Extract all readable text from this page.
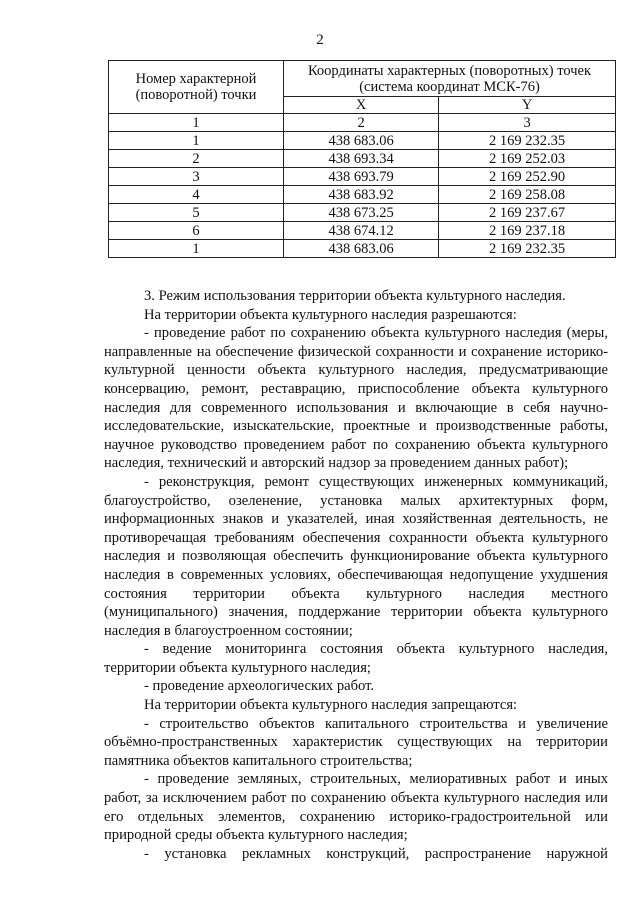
2
Номер характерной (поворотной) точки	Координаты характерных (поворотных) точек (система координат МСК-76)	
	X	Y
1	2	3
1	438 683.06	2 169 232.35
2	438 693.34	2 169 252.03
3	438 693.79	2 169 252.90
4	438 683.92	2 169 258.08
5	438 673.25	2 169 237.67
6	438 674.12	2 169 237.18
1	438 683.06	2 169 232.35

3. Режим использования территории объекта культурного наследия.

На территории объекта культурного наследия разрешаются:

- проведение работ по сохранению объекта культурного наследия (меры, направленные на обеспечение физической сохранности и сохранение историко-культурной ценности объекта культурного наследия, предусматривающие консервацию, ремонт, реставрацию, приспособление объекта культурного наследия для современного использования и включающие в себя научно-исследовательские, изыскательские, проектные и производственные работы, научное руководство проведением работ по сохранению объекта культурного наследия, технический и авторский надзор за проведением данных работ);

- реконструкция, ремонт существующих инженерных коммуникаций, благоустройство, озеленение, установка малых архитектурных форм, информационных знаков и указателей, иная хозяйственная деятельность, не противоречащая требованиям обеспечения сохранности объекта культурного наследия и позволяющая обеспечить функционирование объекта культурного наследия в современных условиях, обеспечивающая недопущение ухудшения состояния территории объекта культурного наследия местного (муниципального) значения, поддержание территории объекта культурного наследия в благоустроенном состоянии;

- ведение мониторинга состояния объекта культурного наследия, территории объекта культурного наследия;

- проведение археологических работ.

На территории объекта культурного наследия запрещаются:

- строительство объектов капитального строительства и увеличение объёмно-пространственных характеристик существующих на территории памятника объектов капитального строительства;

- проведение земляных, строительных, мелиоративных работ и иных работ, за исключением работ по сохранению объекта культурного наследия или его отдельных элементов, сохранению историко-градостроительной или природной среды объекта культурного наследия;

- установка рекламных конструкций, распространение наружной
